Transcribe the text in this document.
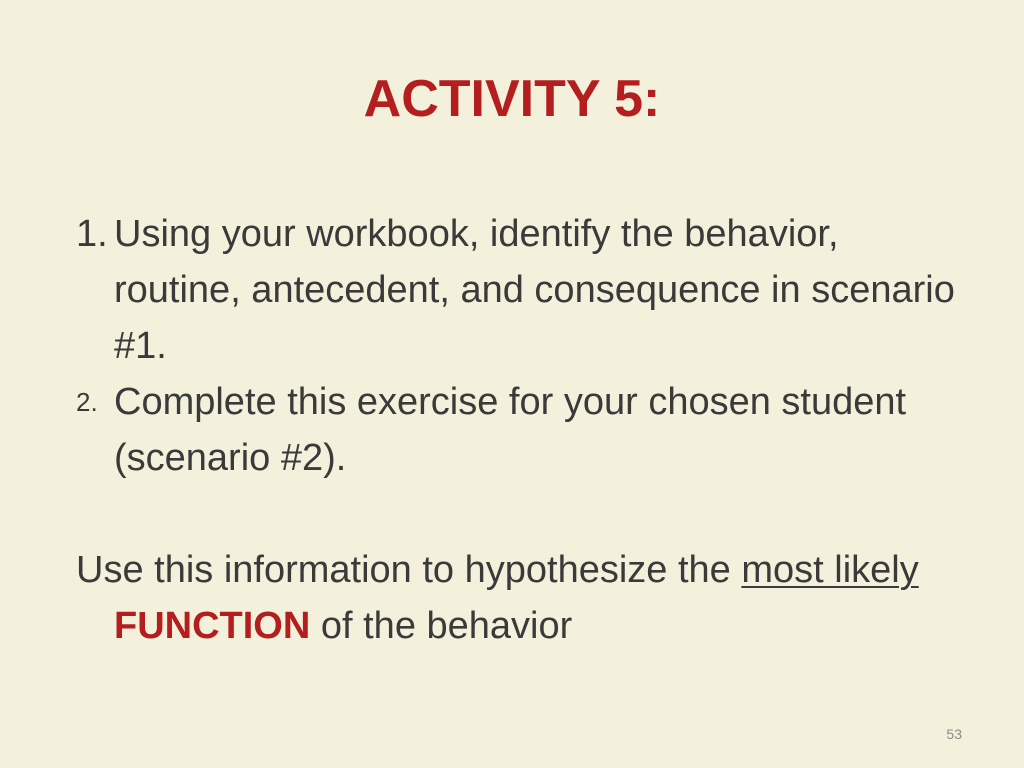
ACTIVITY 5:
1. Using your workbook, identify the behavior, routine, antecedent, and consequence in scenario #1.
2. Complete this exercise for your chosen student (scenario #2).
Use this information to hypothesize the most likely FUNCTION of the behavior
53
